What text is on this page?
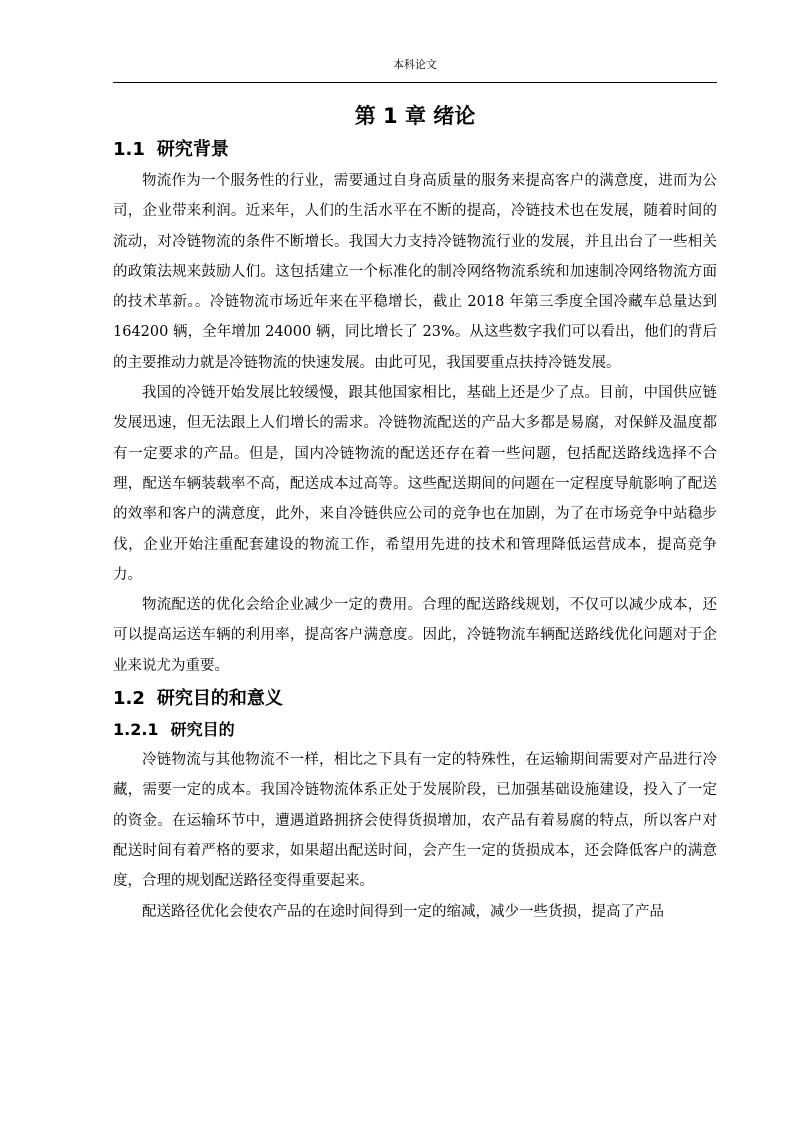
本科论文
第 1 章 绪论
1.1 研究背景

物流作为一个服务性的行业，需要通过自身高质量的服务来提高客户的满意度，进而为公司，企业带来利润。近来年，人们的生活水平在不断的提高，冷链技术也在发展，随着时间的流动，对冷链物流的条件不断增长。我国大力支持冷链物流行业的发展，并且出台了一些相关的政策法规来鼓励人们。这包括建立一个标准化的制冷网络物流系统和加速制冷网络物流方面的技术革新。。冷链物流市场近年来在平稳增长，截止 2018 年第三季度全国冷藏车总量达到 164200 辆，全年增加 24000 辆，同比增长了 23%。从这些数字我们可以看出，他们的背后的主要推动力就是冷链物流的快速发展。由此可见，我国要重点扶持冷链发展。

我国的冷链开始发展比较缓慢，跟其他国家相比，基础上还是少了点。目前，中国供应链发展迅速，但无法跟上人们增长的需求。冷链物流配送的产品大多都是易腐，对保鲜及温度都有一定要求的产品。但是，国内冷链物流的配送还存在着一些问题，包括配送路线选择不合理，配送车辆装载率不高，配送成本过高等。这些配送期间的问题在一定程度导航影响了配送的效率和客户的满意度，此外，来自冷链供应公司的竞争也在加剧，为了在市场竞争中站稳步伐，企业开始注重配套建设的物流工作，希望用先进的技术和管理降低运营成本，提高竞争力。

物流配送的优化会给企业减少一定的费用。合理的配送路线规划，不仅可以减少成本，还可以提高运送车辆的利用率，提高客户满意度。因此，冷链物流车辆配送路线优化问题对于企业来说尤为重要。

1.2 研究目的和意义
1.2.1 研究目的

冷链物流与其他物流不一样，相比之下具有一定的特殊性，在运输期间需要对产品进行冷藏，需要一定的成本。我国冷链物流体系正处于发展阶段，已加强基础设施建设，投入了一定的资金。在运输环节中，遭遇道路拥挤会使得货损增加，农产品有着易腐的特点，所以客户对配送时间有着严格的要求，如果超出配送时间，会产生一定的货损成本，还会降低客户的满意度，合理的规划配送路径变得重要起来。

配送路径优化会使农产品的在途时间得到一定的缩减，减少一些货损，提高了产品
